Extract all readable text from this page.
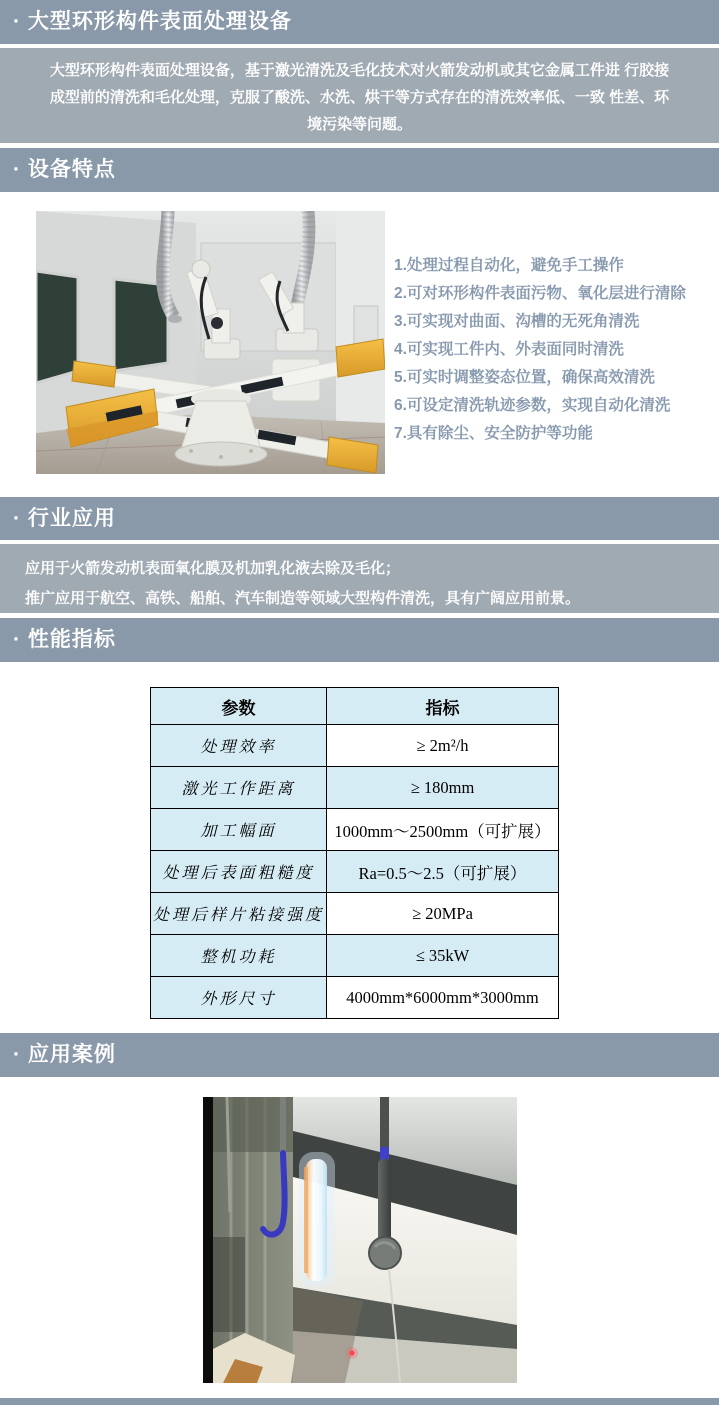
· 大型环形构件表面处理设备
大型环形构件表面处理设备，基于激光清洗及毛化技术对火箭发动机或其它金属工件进 行胶接
成型前的清洗和毛化处理，克服了酸洗、水洗、烘干等方式存在的清洗效率低、一致 性差、环
境污染等问题。
· 设备特点
1.处理过程自动化，避免手工操作
2.可对环形构件表面污物、氧化层进行清除
3.可实现对曲面、沟槽的无死角清洗
4.可实现工件内、外表面同时清洗
5.可实时调整姿态位置，确保高效清洗
6.可设定清洗轨迹参数，实现自动化清洗
7.具有除尘、安全防护等功能
· 行业应用
应用于火箭发动机表面氧化膜及机加乳化液去除及毛化；
推广应用于航空、高铁、船舶、汽车制造等领域大型构件清洗，具有广阔应用前景。
· 性能指标
参数	指标
处理效率	≥ 2m²/h
激光工作距离	≥ 180mm
加工幅面	1000mm～2500mm（可扩展）
处理后表面粗糙度	Ra=0.5～2.5（可扩展）
处理后样片粘接强度	≥ 20MPa
整机功耗	≤ 35kW
外形尺寸	4000mm*6000mm*3000mm
· 应用案例
